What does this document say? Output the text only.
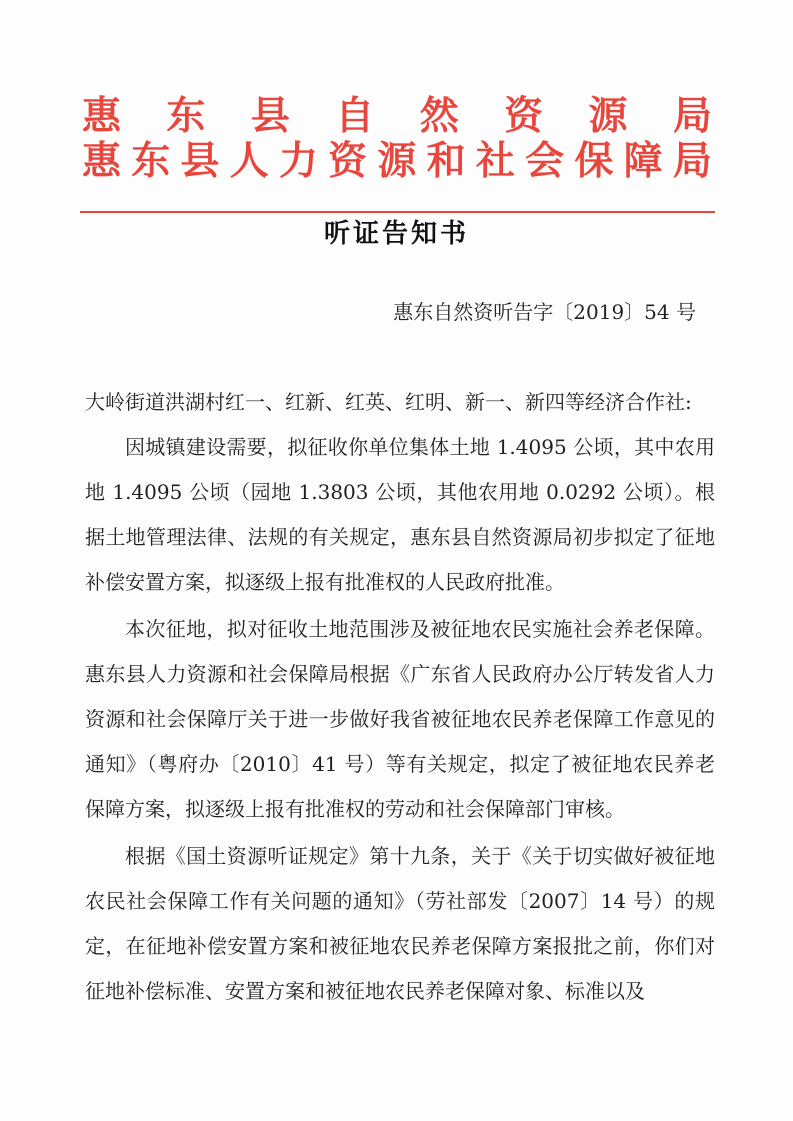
惠 东 县 自 然 资 源 局
惠 东 县 人 力 资 源 和 社 会 保 障 局
听证告知书
惠东自然资听告字〔2019〕54 号

大岭街道洪湖村红一、红新、红英、红明、新一、新四等经济合作社:

因城镇建设需要，拟征收你单位集体土地 1.4095 公顷，其中农用地 1.4095 公顷（园地 1.3803 公顷，其他农用地 0.0292 公顷）。根据土地管理法律、法规的有关规定，惠东县自然资源局初步拟定了征地补偿安置方案，拟逐级上报有批准权的人民政府批准。

本次征地，拟对征收土地范围涉及被征地农民实施社会养老保障。惠东县人力资源和社会保障局根据《广东省人民政府办公厅转发省人力资源和社会保障厅关于进一步做好我省被征地农民养老保障工作意见的通知》（粤府办〔2010〕41 号）等有关规定，拟定了被征地农民养老保障方案，拟逐级上报有批准权的劳动和社会保障部门审核。

根据《国土资源听证规定》第十九条，关于《关于切实做好被征地农民社会保障工作有关问题的通知》（劳社部发〔2007〕14 号）的规定，在征地补偿安置方案和被征地农民养老保障方案报批之前，你们对征地补偿标准、安置方案和被征地农民养老保障对象、标准以及
